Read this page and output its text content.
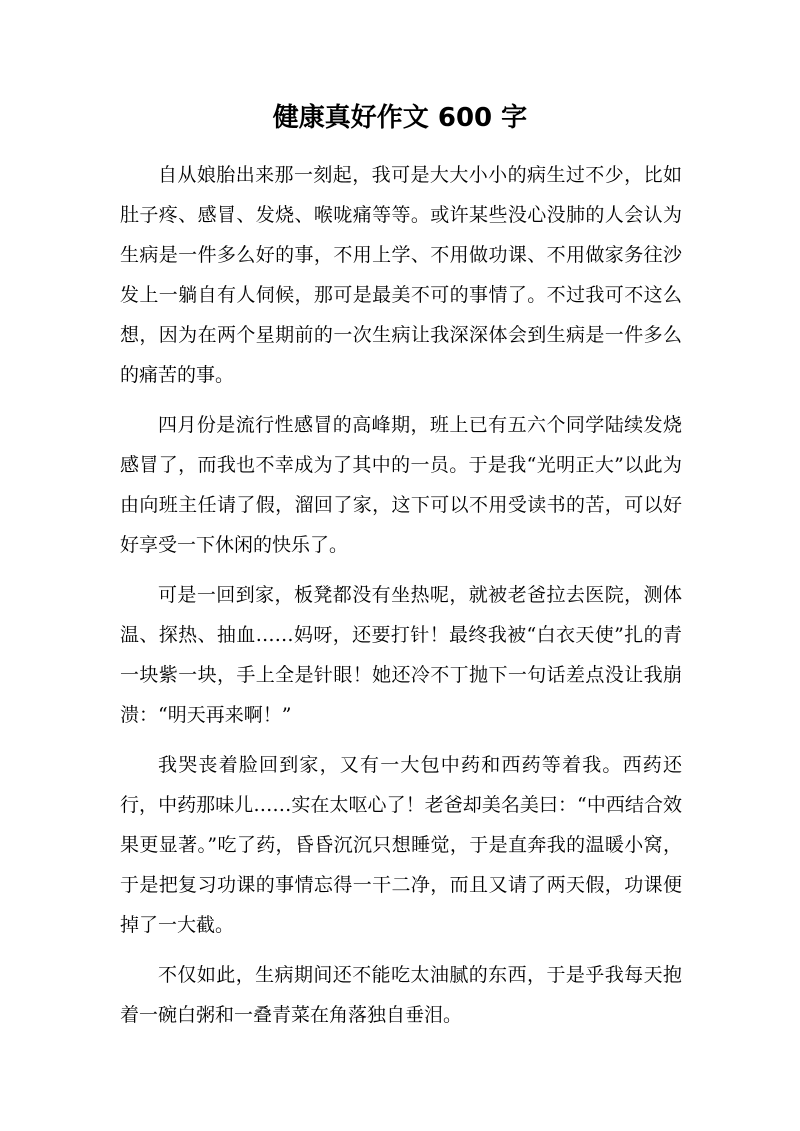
健康真好作文 600 字

自从娘胎出来那一刻起，我可是大大小小的病生过不少，比如肚子疼、感冒、发烧、喉咙痛等等。或许某些没心没肺的人会认为生病是一件多么好的事，不用上学、不用做功课、不用做家务往沙发上一躺自有人伺候，那可是最美不可的事情了。不过我可不这么想，因为在两个星期前的一次生病让我深深体会到生病是一件多么的痛苦的事。

四月份是流行性感冒的高峰期，班上已有五六个同学陆续发烧感冒了，而我也不幸成为了其中的一员。于是我“光明正大”以此为由向班主任请了假，溜回了家，这下可以不用受读书的苦，可以好好享受一下休闲的快乐了。

可是一回到家，板凳都没有坐热呢，就被老爸拉去医院，测体温、探热、抽血……妈呀，还要打针！最终我被“白衣天使”扎的青一块紫一块，手上全是针眼！她还冷不丁抛下一句话差点没让我崩溃：“明天再来啊！”

我哭丧着脸回到家，又有一大包中药和西药等着我。西药还行，中药那味儿……实在太呕心了！老爸却美名美曰：“中西结合效果更显著。”吃了药，昏昏沉沉只想睡觉，于是直奔我的温暖小窝，于是把复习功课的事情忘得一干二净，而且又请了两天假，功课便掉了一大截。

不仅如此，生病期间还不能吃太油腻的东西，于是乎我每天抱着一碗白粥和一叠青菜在角落独自垂泪。
